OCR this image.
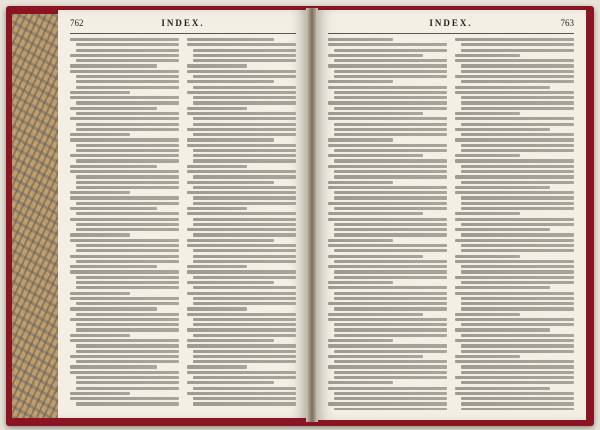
762	INDEX.	INDEX.	763
